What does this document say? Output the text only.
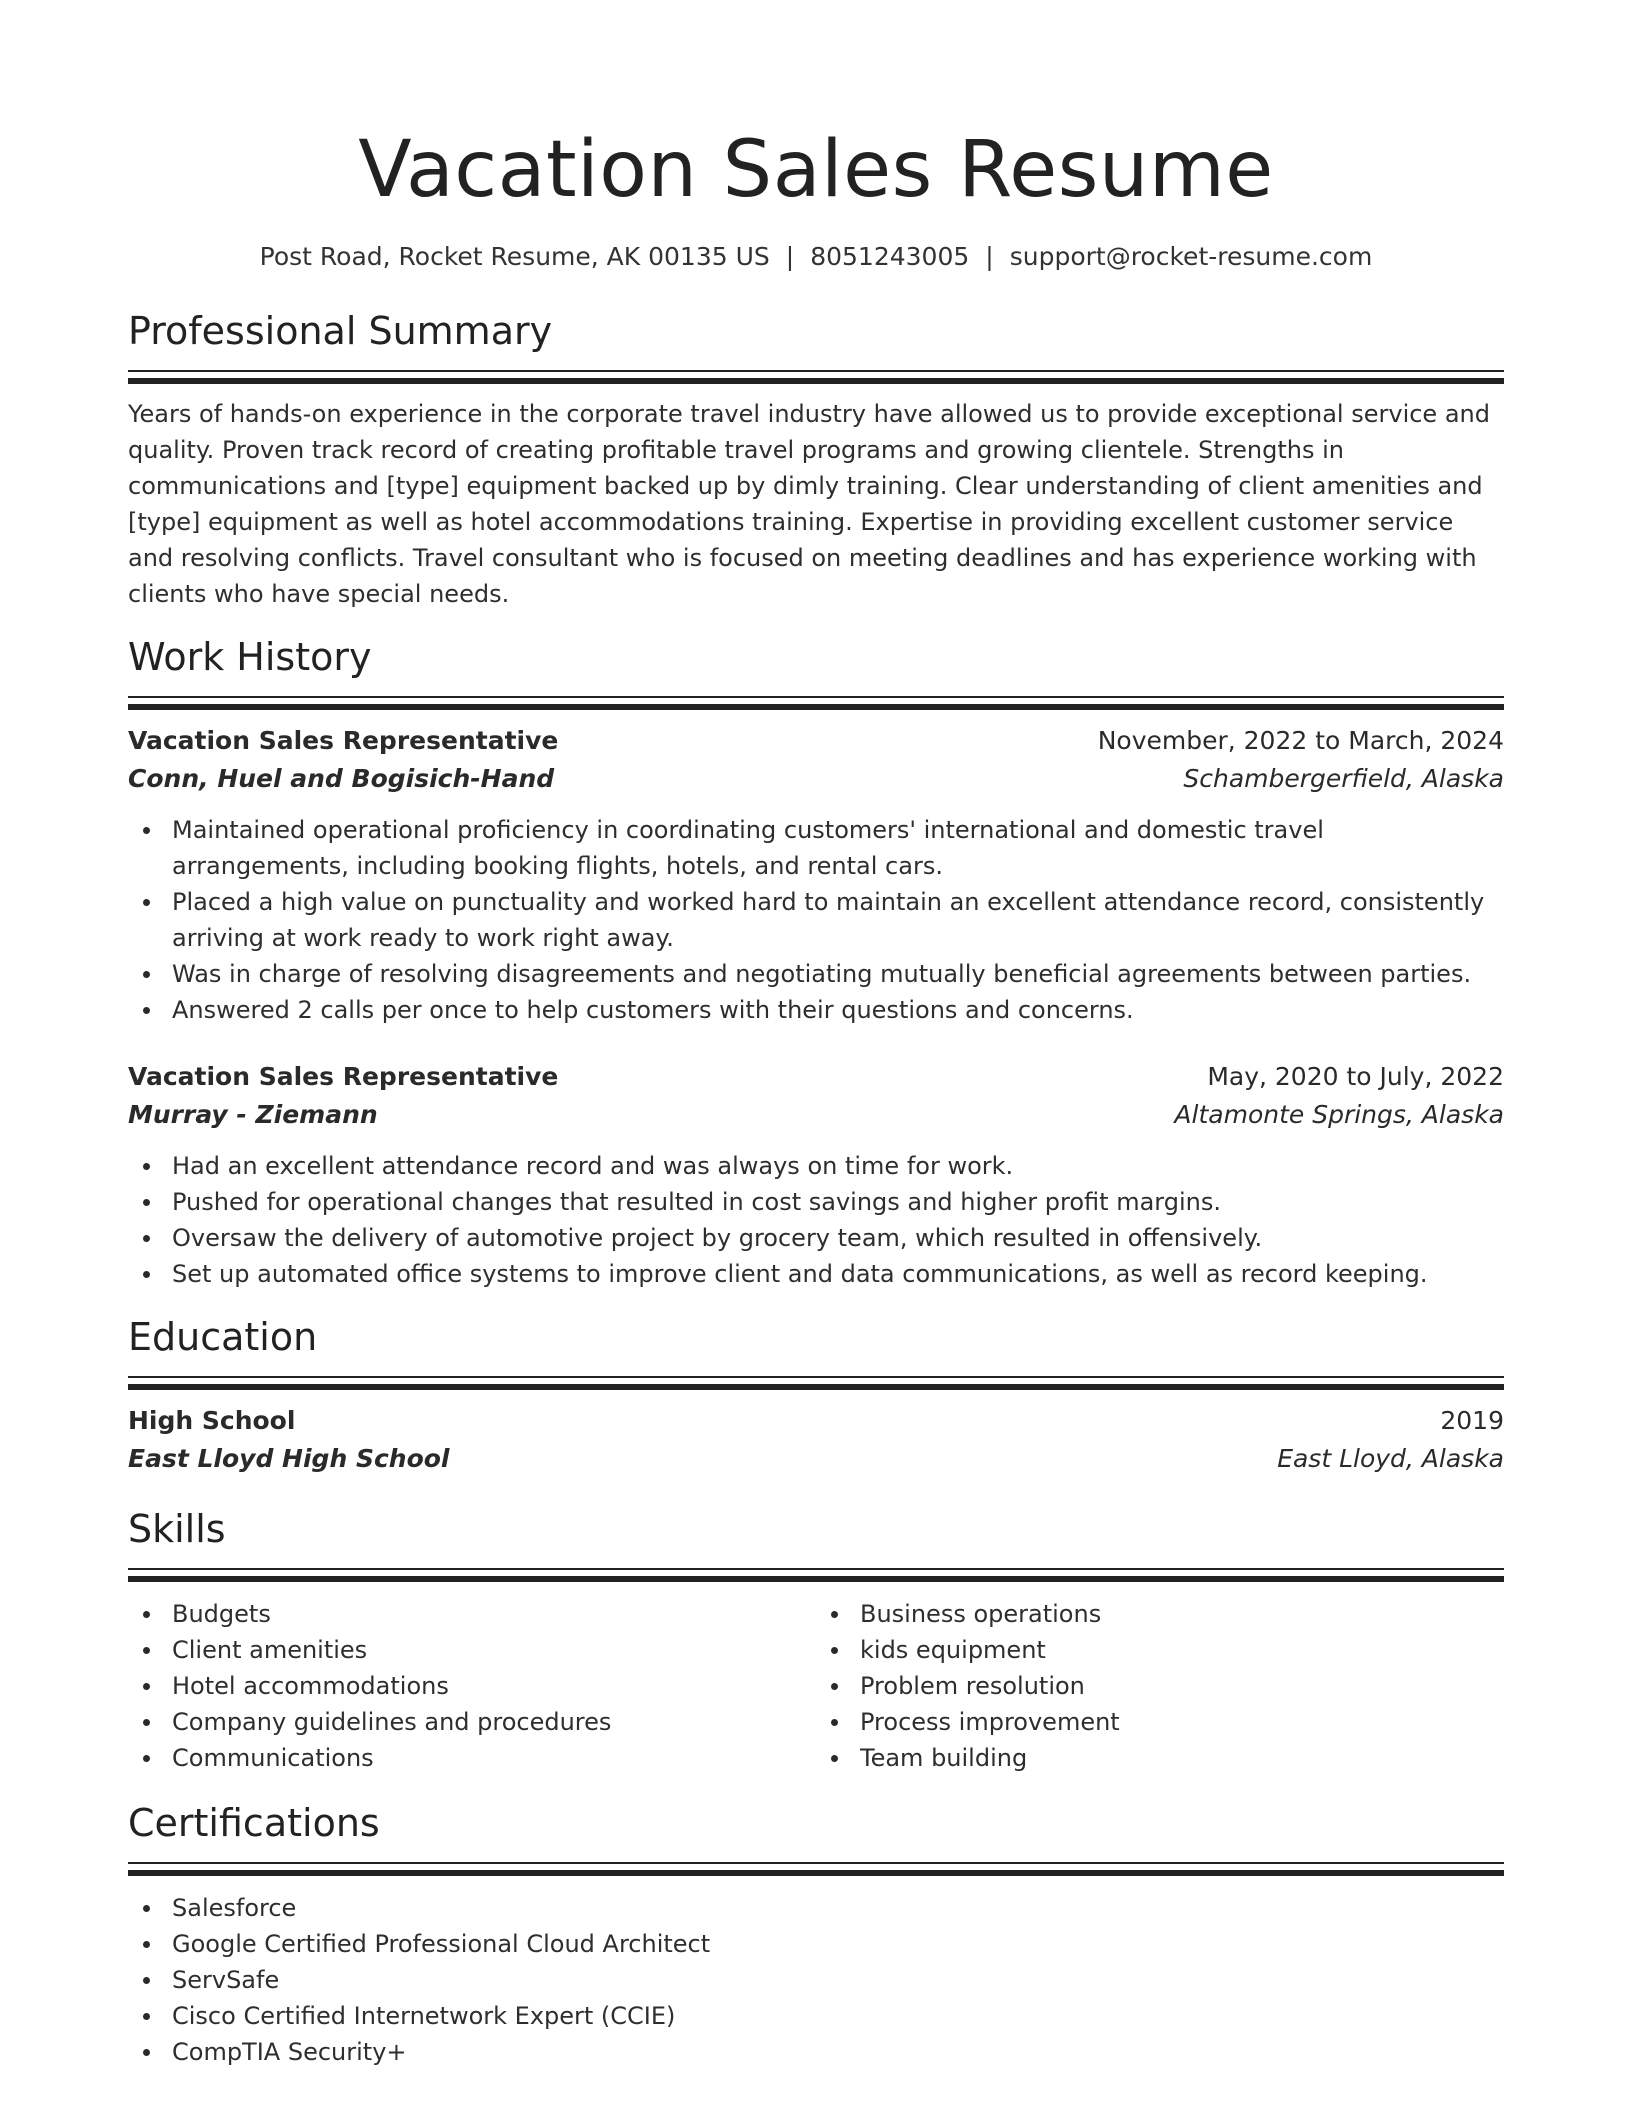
Vacation Sales Resume
Post Road, Rocket Resume, AK 00135 US | 8051243005 | support@rocket-resume.com
Professional Summary

Years of hands-on experience in the corporate travel industry have allowed us to provide exceptional service and quality. Proven track record of creating profitable travel programs and growing clientele. Strengths in communications and [type] equipment backed up by dimly training. Clear understanding of client amenities and [type] equipment as well as hotel accommodations training. Expertise in providing excellent customer service and resolving conflicts. Travel consultant who is focused on meeting deadlines and has experience working with clients who have special needs.

Work History
Vacation Sales Representative	November, 2022 to March, 2024
Conn, Huel and Bogisich-Hand	Schambergerfield, Alaska
Maintained operational proficiency in coordinating customers' international and domestic travel arrangements, including booking flights, hotels, and rental cars.
Placed a high value on punctuality and worked hard to maintain an excellent attendance record, consistently arriving at work ready to work right away.
Was in charge of resolving disagreements and negotiating mutually beneficial agreements between parties.
Answered 2 calls per once to help customers with their questions and concerns.
Vacation Sales Representative	May, 2020 to July, 2022
Murray - Ziemann	Altamonte Springs, Alaska
Had an excellent attendance record and was always on time for work.
Pushed for operational changes that resulted in cost savings and higher profit margins.
Oversaw the delivery of automotive project by grocery team, which resulted in offensively.
Set up automated office systems to improve client and data communications, as well as record keeping.
Education
High School	2019
East Lloyd High School	East Lloyd, Alaska
Skills
Budgets
Client amenities
Hotel accommodations
Company guidelines and procedures
Communications
Business operations
kids equipment
Problem resolution
Process improvement
Team building
Certifications
Salesforce
Google Certified Professional Cloud Architect
ServSafe
Cisco Certified Internetwork Expert (CCIE)
CompTIA Security+
